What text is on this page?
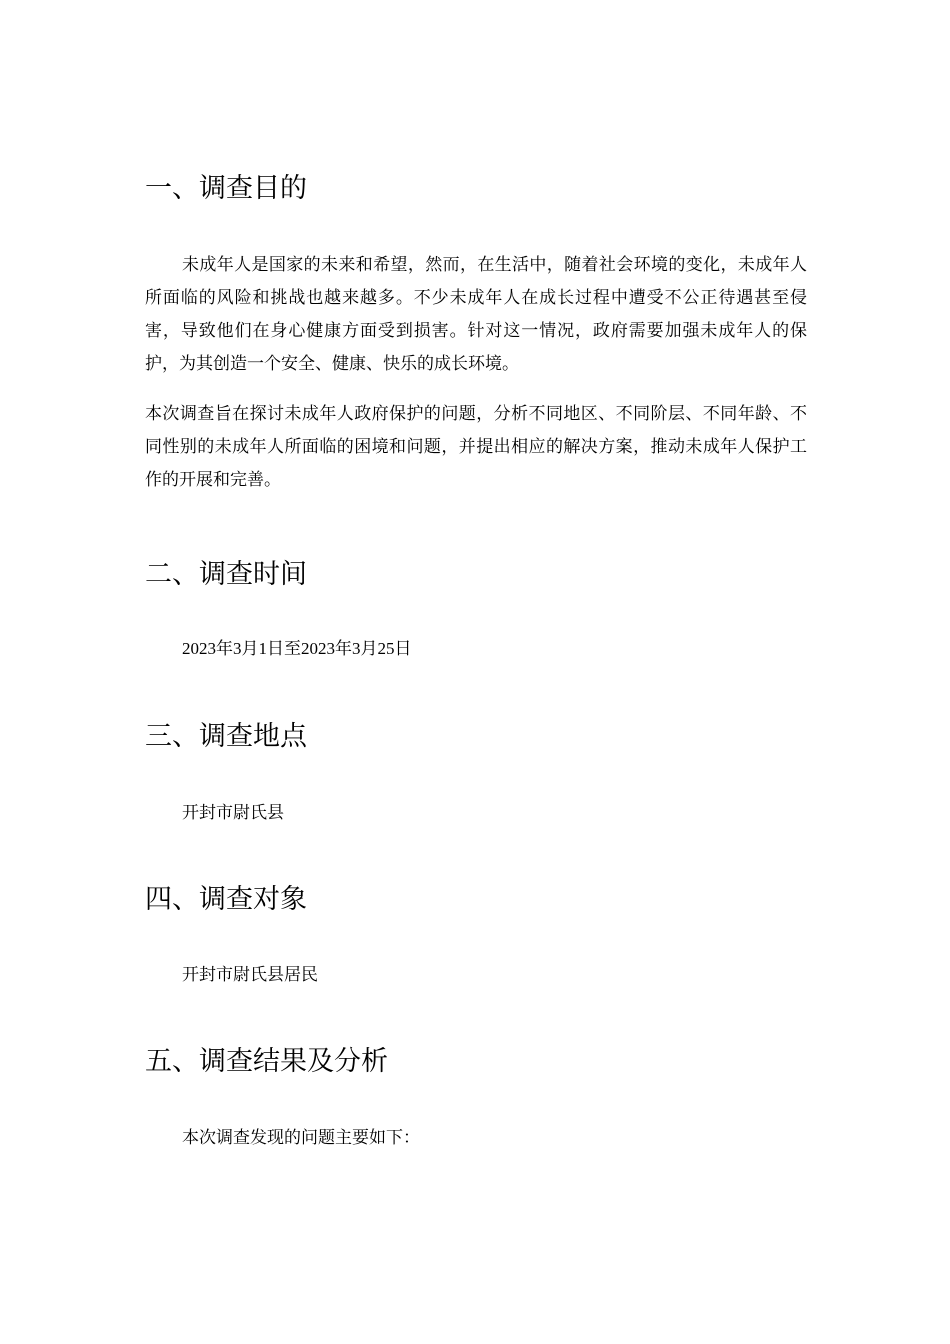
一、调查目的

未成年人是国家的未来和希望，然而，在生活中，随着社会环境的变化，未成年人所面临的风险和挑战也越来越多。不少未成年人在成长过程中遭受不公正待遇甚至侵害，导致他们在身心健康方面受到损害。针对这一情况，政府需要加强未成年人的保护，为其创造一个安全、健康、快乐的成长环境。

本次调查旨在探讨未成年人政府保护的问题，分析不同地区、不同阶层、不同年龄、不同性别的未成年人所面临的困境和问题，并提出相应的解决方案，推动未成年人保护工作的开展和完善。

二、调查时间

2023年3月1日至2023年3月25日

三、调查地点

开封市尉氏县

四、调查对象

开封市尉氏县居民

五、调查结果及分析

本次调查发现的问题主要如下：
